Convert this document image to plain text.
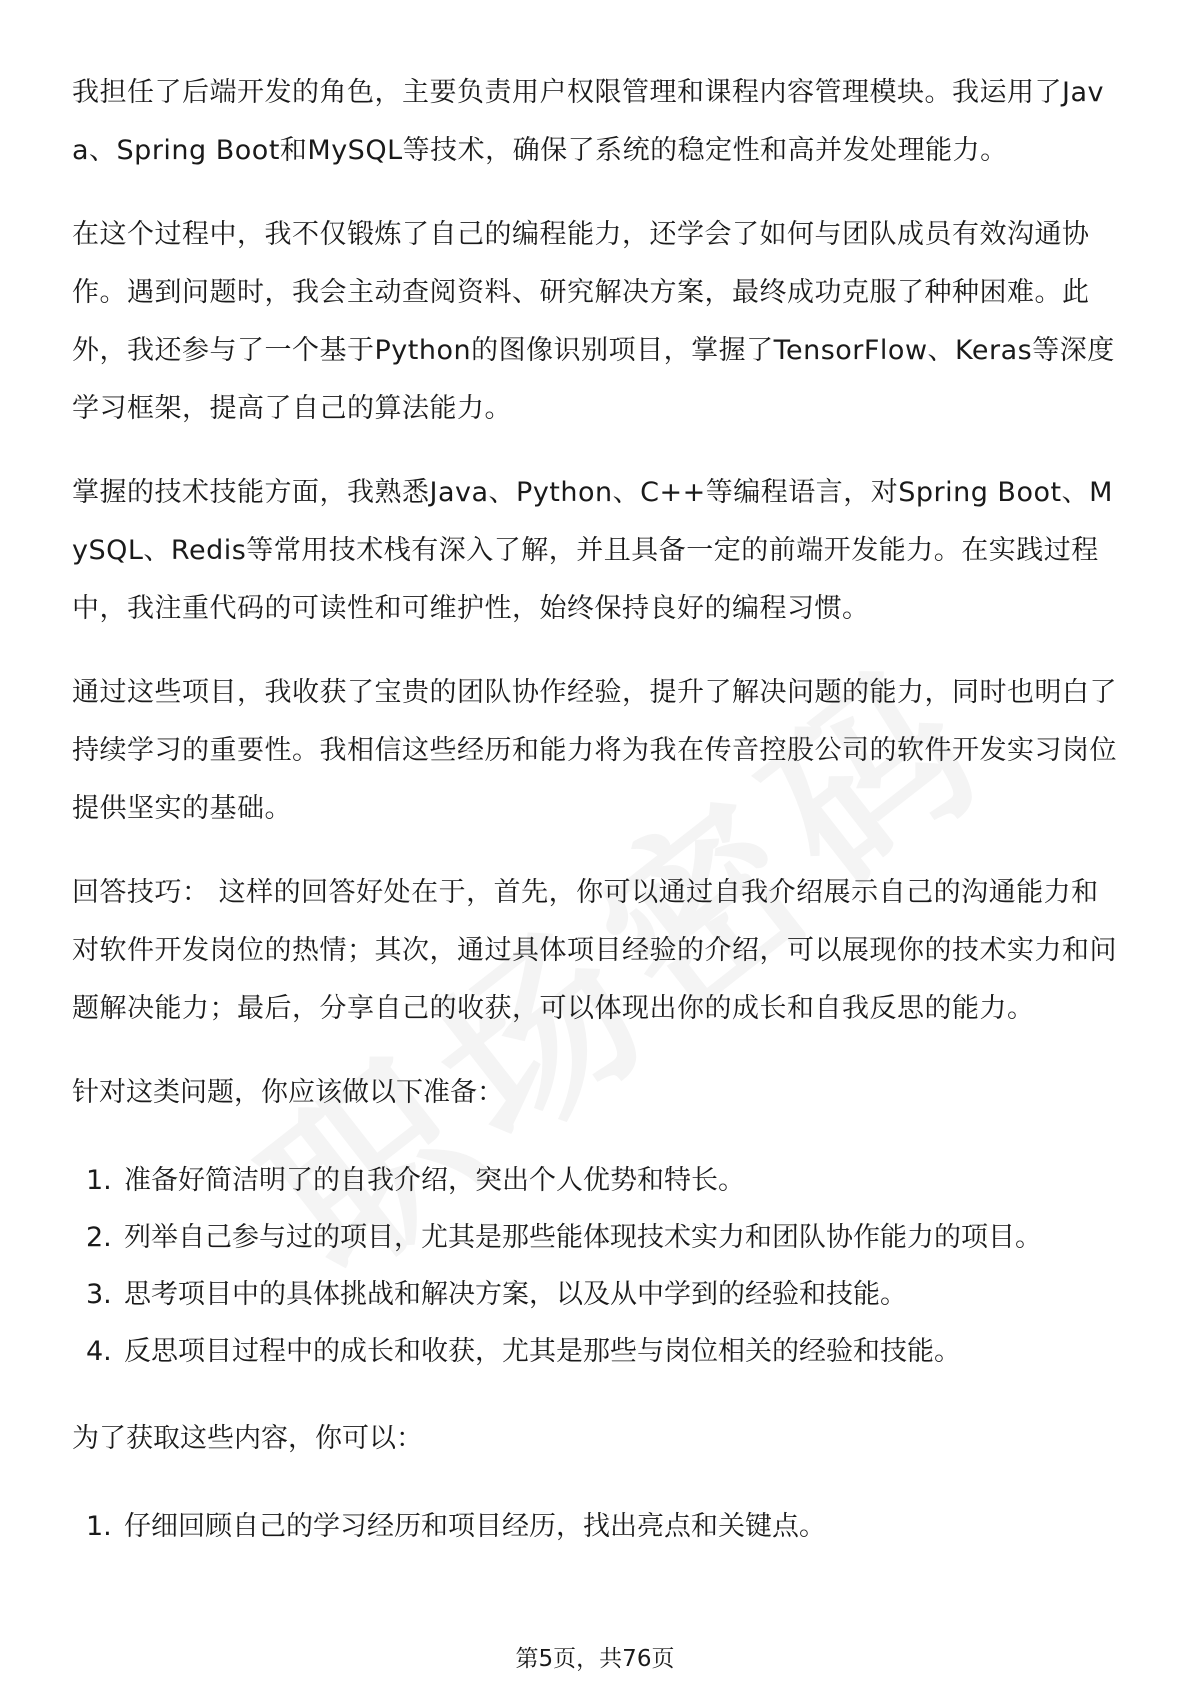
我担任了后端开发的角色，主要负责用户权限管理和课程内容管理模块。我运用了Java、Spring Boot和MySQL等技术，确保了系统的稳定性和高并发处理能力。

在这个过程中，我不仅锻炼了自己的编程能力，还学会了如何与团队成员有效沟通协作。遇到问题时，我会主动查阅资料、研究解决方案，最终成功克服了种种困难。此外，我还参与了一个基于Python的图像识别项目，掌握了TensorFlow、Keras等深度学习框架，提高了自己的算法能力。

掌握的技术技能方面，我熟悉Java、Python、C++等编程语言，对Spring Boot、MySQL、Redis等常用技术栈有深入了解，并且具备一定的前端开发能力。在实践过程中，我注重代码的可读性和可维护性，始终保持良好的编程习惯。

通过这些项目，我收获了宝贵的团队协作经验，提升了解决问题的能力，同时也明白了持续学习的重要性。我相信这些经历和能力将为我在传音控股公司的软件开发实习岗位提供坚实的基础。

回答技巧： 这样的回答好处在于，首先，你可以通过自我介绍展示自己的沟通能力和对软件开发岗位的热情；其次，通过具体项目经验的介绍，可以展现你的技术实力和问题解决能力；最后，分享自己的收获，可以体现出你的成长和自我反思的能力。

针对这类问题，你应该做以下准备：

1. 准备好简洁明了的自我介绍，突出个人优势和特长。
2. 列举自己参与过的项目，尤其是那些能体现技术实力和团队协作能力的项目。
3. 思考项目中的具体挑战和解决方案，以及从中学到的经验和技能。
4. 反思项目过程中的成长和收获，尤其是那些与岗位相关的经验和技能。

为了获取这些内容，你可以：

1. 仔细回顾自己的学习经历和项目经历，找出亮点和关键点。
第5页，共76页
